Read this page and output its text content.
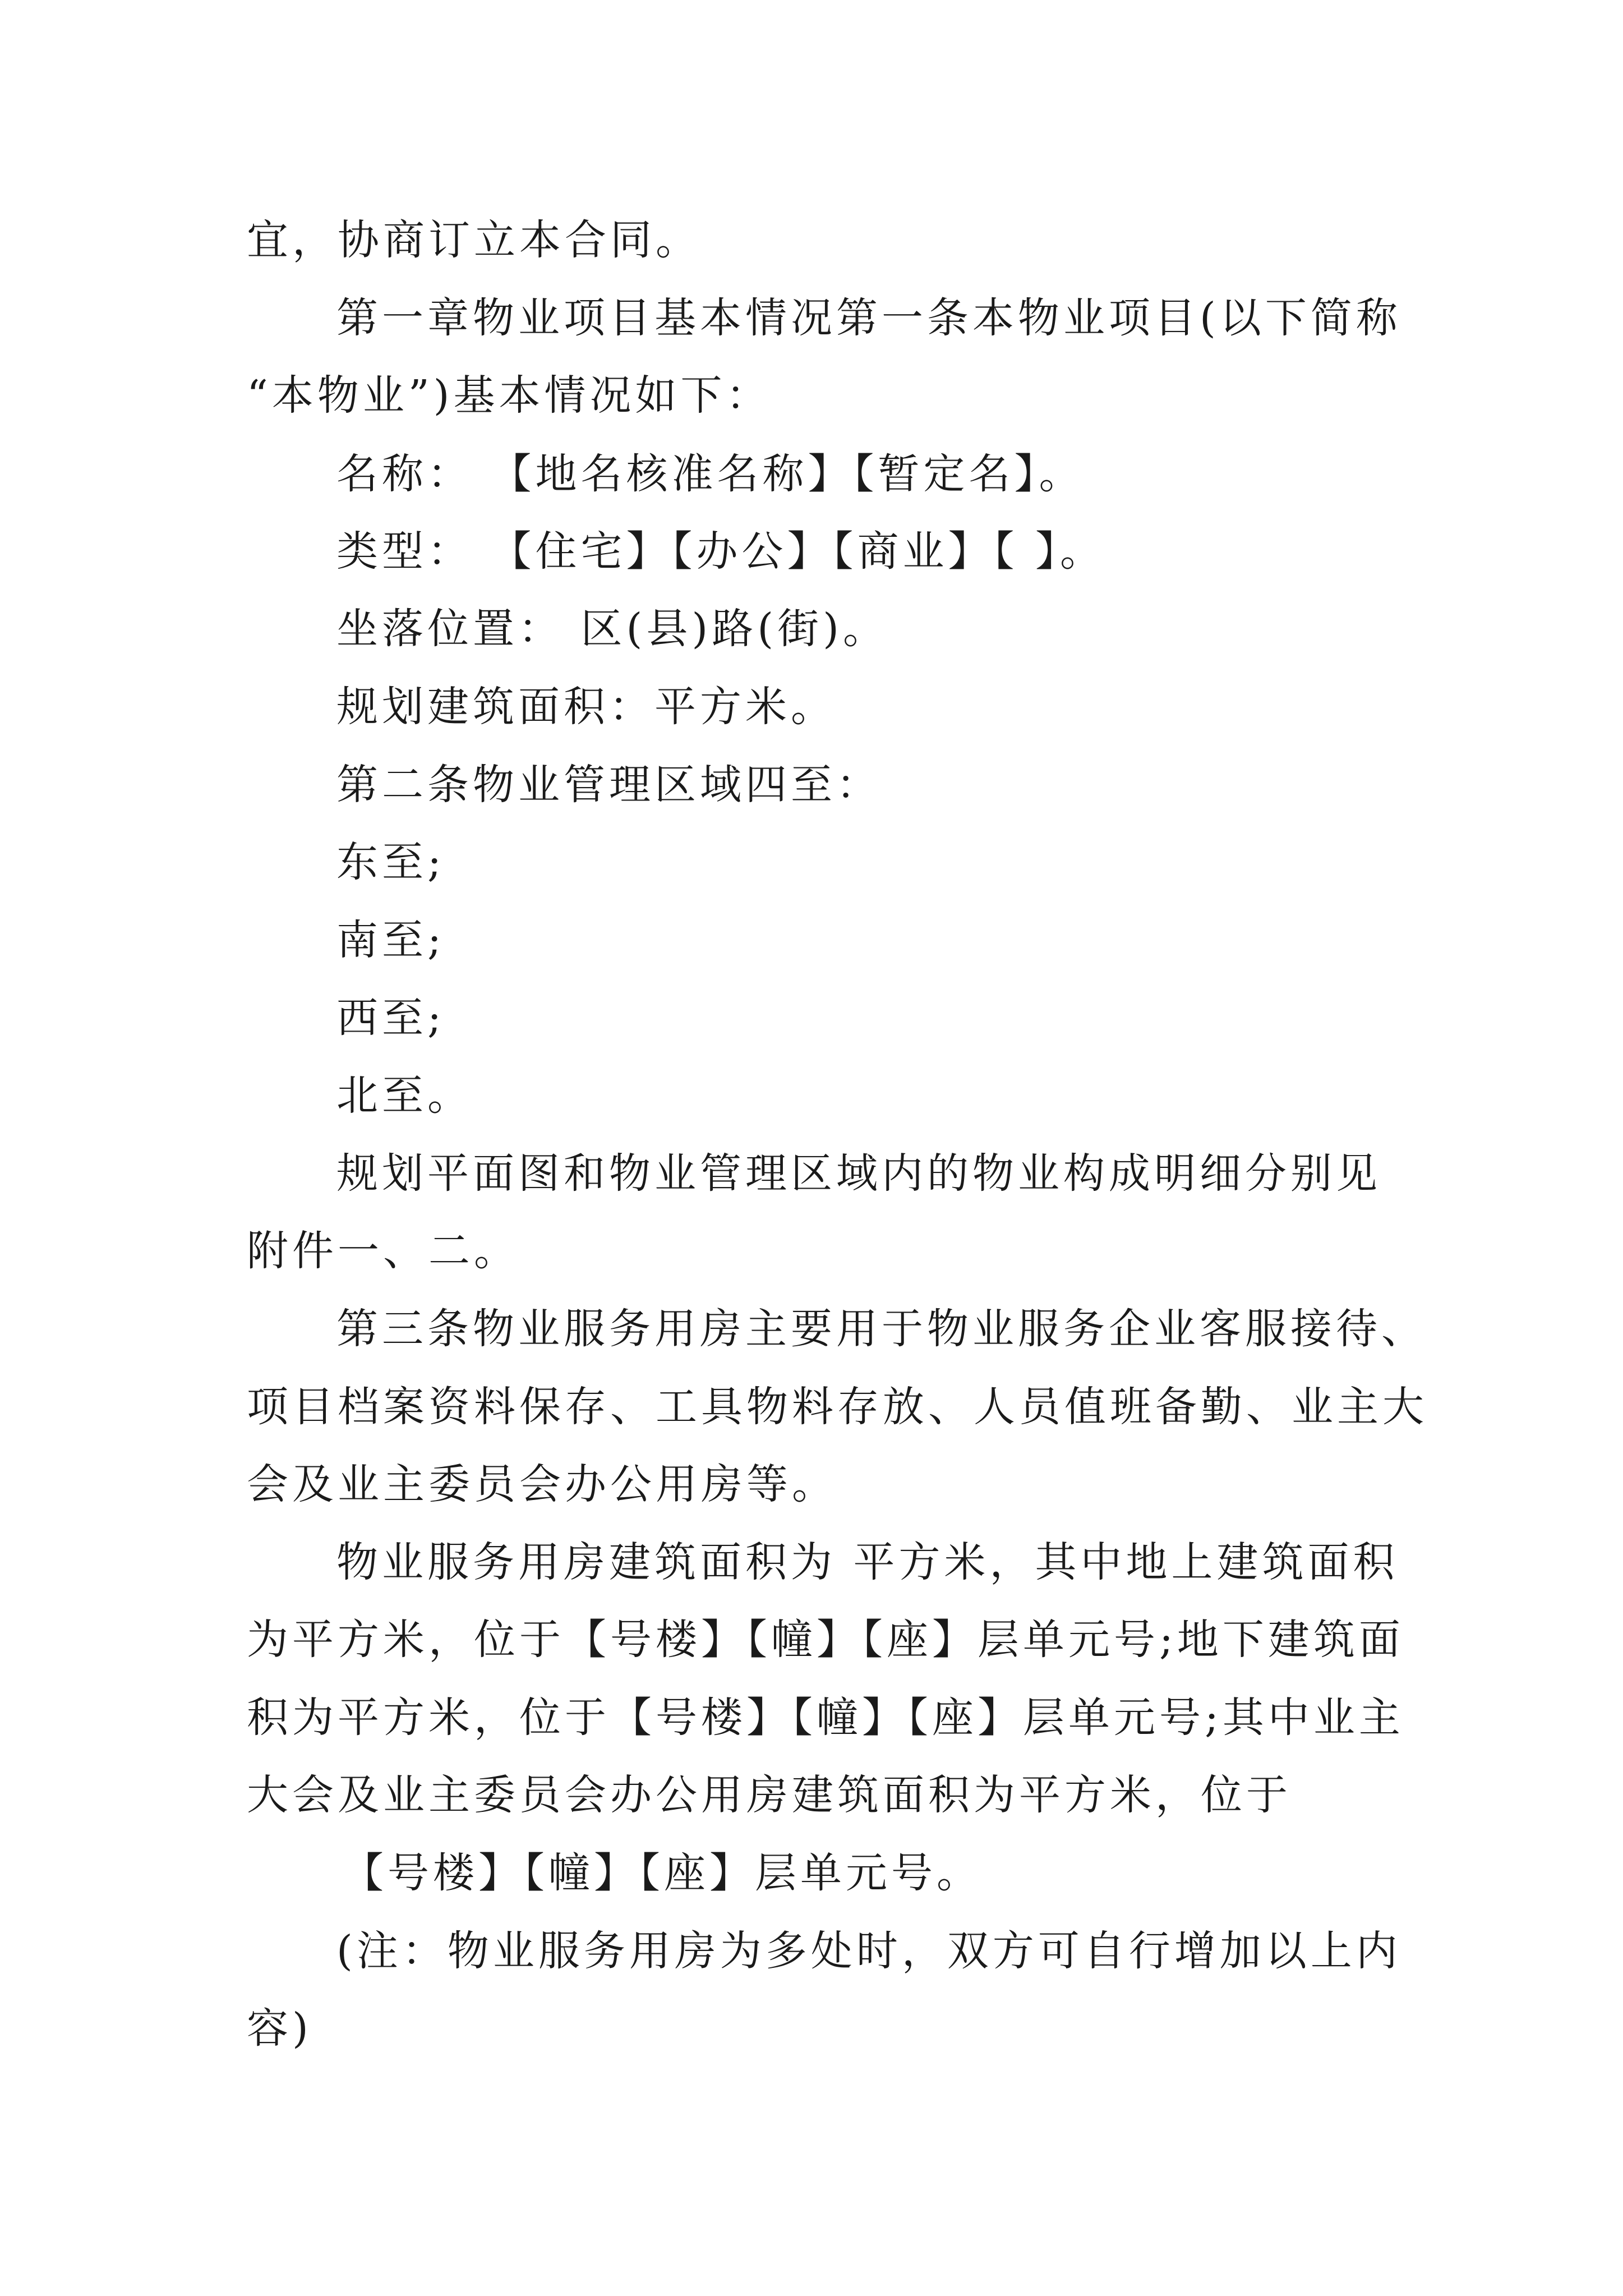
宜，协商订立本合同。
第一章物业项目基本情况第一条本物业项目(以下简称
“本物业”)基本情况如下：
名称： 【地名核准名称】【暂定名】。
类型： 【住宅】【办公】【商业】【 】。
坐落位置： 区(县)路(街)。
规划建筑面积：平方米。
第二条物业管理区域四至：
东至;
南至;
西至;
北至。
规划平面图和物业管理区域内的物业构成明细分别见
附件一、二。
第三条物业服务用房主要用于物业服务企业客服接待、
项目档案资料保存、工具物料存放、人员值班备勤、业主大
会及业主委员会办公用房等。
物业服务用房建筑面积为 平方米，其中地上建筑面积
为平方米，位于【号楼】【幢】【座】层单元号;地下建筑面
积为平方米，位于【号楼】【幢】【座】层单元号;其中业主
大会及业主委员会办公用房建筑面积为平方米，位于
【号楼】【幢】【座】层单元号。
(注：物业服务用房为多处时，双方可自行增加以上内
容)
